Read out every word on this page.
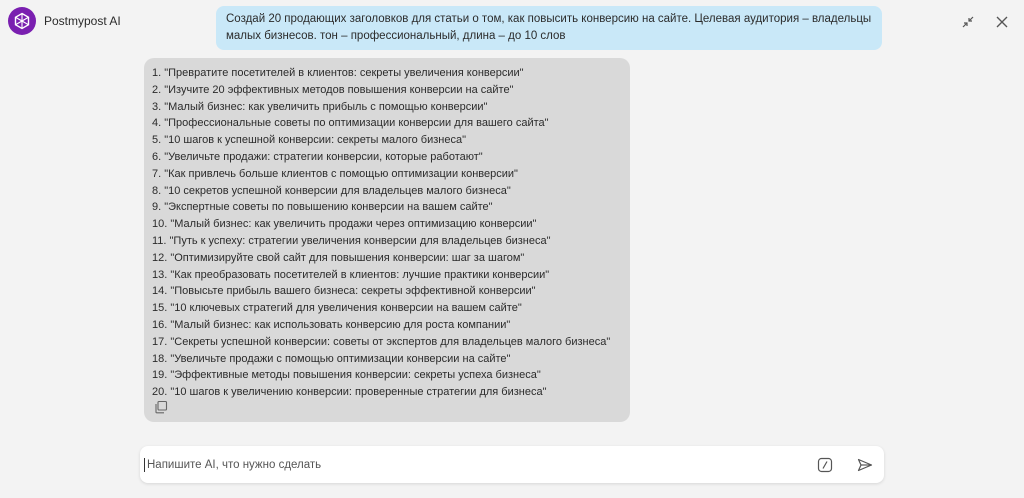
Postmypost AI	Создай 20 продающих заголовков для статьи о том, как повысить конверсию на сайте. Целевая аудитория – владельцы малых бизнесов. тон – профессиональный, длина – до 10 слов
1. "Превратите посетителей в клиентов: секреты увеличения конверсии"
2. "Изучите 20 эффективных методов повышения конверсии на сайте"
3. "Малый бизнес: как увеличить прибыль с помощью конверсии"
4. "Профессиональные советы по оптимизации конверсии для вашего сайта"
5. "10 шагов к успешной конверсии: секреты малого бизнеса"
6. "Увеличьте продажи: стратегии конверсии, которые работают"
7. "Как привлечь больше клиентов с помощью оптимизации конверсии"
8. "10 секретов успешной конверсии для владельцев малого бизнеса"
9. "Экспертные советы по повышению конверсии на вашем сайте"
10. "Малый бизнес: как увеличить продажи через оптимизацию конверсии"
11. "Путь к успеху: стратегии увеличения конверсии для владельцев бизнеса"
12. "Оптимизируйте свой сайт для повышения конверсии: шаг за шагом"
13. "Как преобразовать посетителей в клиентов: лучшие практики конверсии"
14. "Повысьте прибыль вашего бизнеса: секреты эффективной конверсии"
15. "10 ключевых стратегий для увеличения конверсии на вашем сайте"
16. "Малый бизнес: как использовать конверсию для роста компании"
17. "Секреты успешной конверсии: советы от экспертов для владельцев малого бизнеса"
18. "Увеличьте продажи с помощью оптимизации конверсии на сайте"
19. "Эффективные методы повышения конверсии: секреты успеха бизнеса"
20. "10 шагов к увеличению конверсии: проверенные стратегии для бизнеса"
Напишите AI, что нужно сделать
